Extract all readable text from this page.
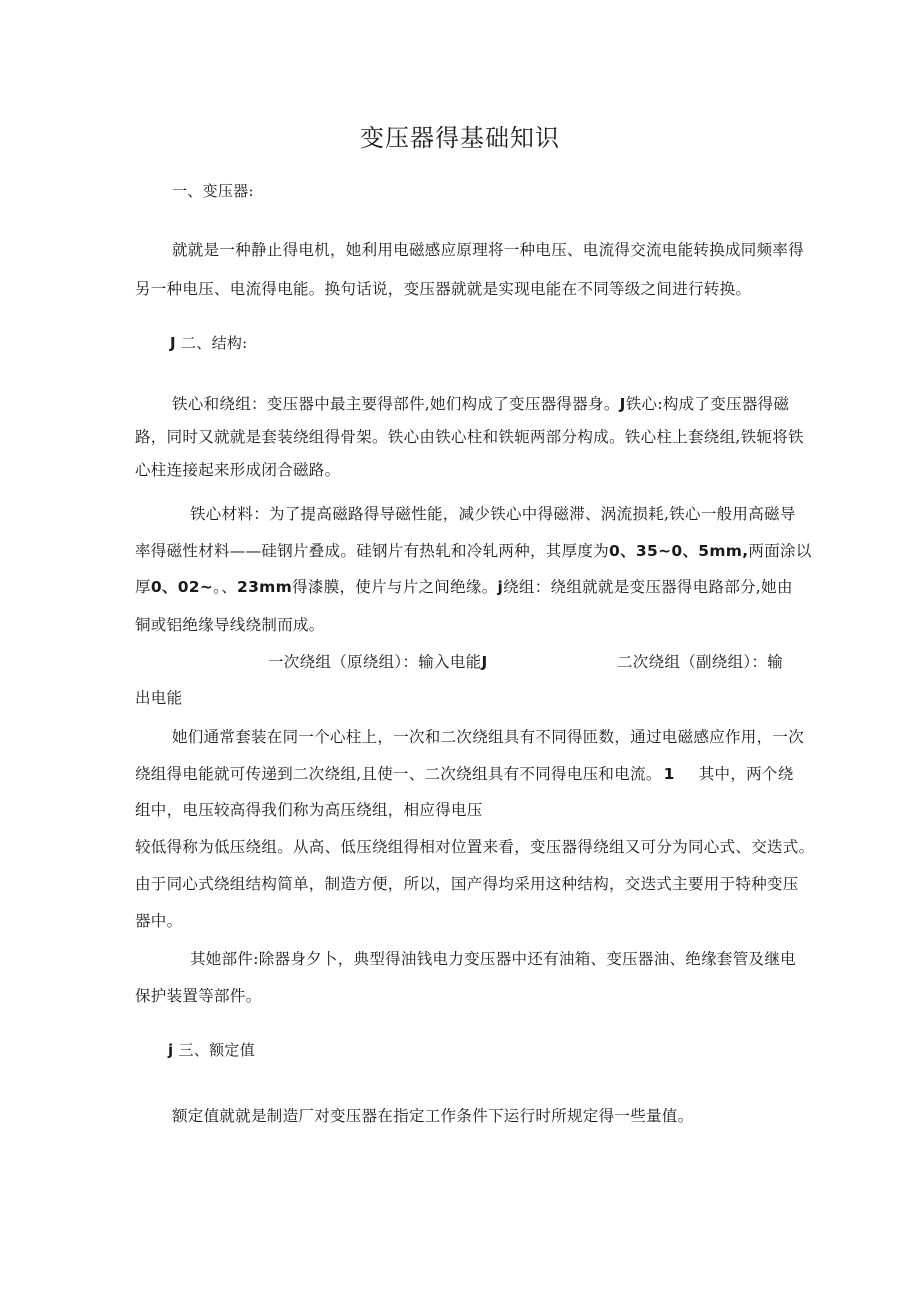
变压器得基础知识
一、变压器:
就就是一种静止得电机，她利用电磁感应原理将一种电压、电流得交流电能转换成同频率得
另一种电压、电流得电能。换句话说，变压器就就是实现电能在不同等级之间进行转换。
J 二、结构:
铁心和绕组：变压器中最主要得部件,她们构成了变压器得器身。J铁心:构成了变压器得磁
路，同时又就就是套装绕组得骨架。铁心由铁心柱和铁轭两部分构成。铁心柱上套绕组,铁轭将铁
心柱连接起来形成闭合磁路。
铁心材料：为了提高磁路得导磁性能，减少铁心中得磁滞、涡流损耗,铁心一般用高磁导
率得磁性材料——硅钢片叠成。硅钢片有热轧和冷轧两种，其厚度为0、35~0、5mm,两面涂以
厚0、02~。、23mm得漆膜，使片与片之间绝缘。j绕组：绕组就就是变压器得电路部分,她由
铜或铝绝缘导线绕制而成。
一次绕组（原绕组）：输入电能J	二次绕组（副绕组）：输
出电能
她们通常套装在同一个心柱上，一次和二次绕组具有不同得匝数，通过电磁感应作用，一次
绕组得电能就可传递到二次绕组,且使一、二次绕组具有不同得电压和电流。 1 其中，两个绕
组中，电压较高得我们称为高压绕组，相应得电压
较低得称为低压绕组。从高、低压绕组得相对位置来看，变压器得绕组又可分为同心式、交迭式。
由于同心式绕组结构简单，制造方便，所以，国产得均采用这种结构，交迭式主要用于特种变压
器中。
其她部件:除器身夕卜，典型得油钱电力变压器中还有油箱、变压器油、绝缘套管及继电
保护装置等部件。
j 三、额定值
额定值就就是制造厂对变压器在指定工作条件下运行时所规定得一些量值。
